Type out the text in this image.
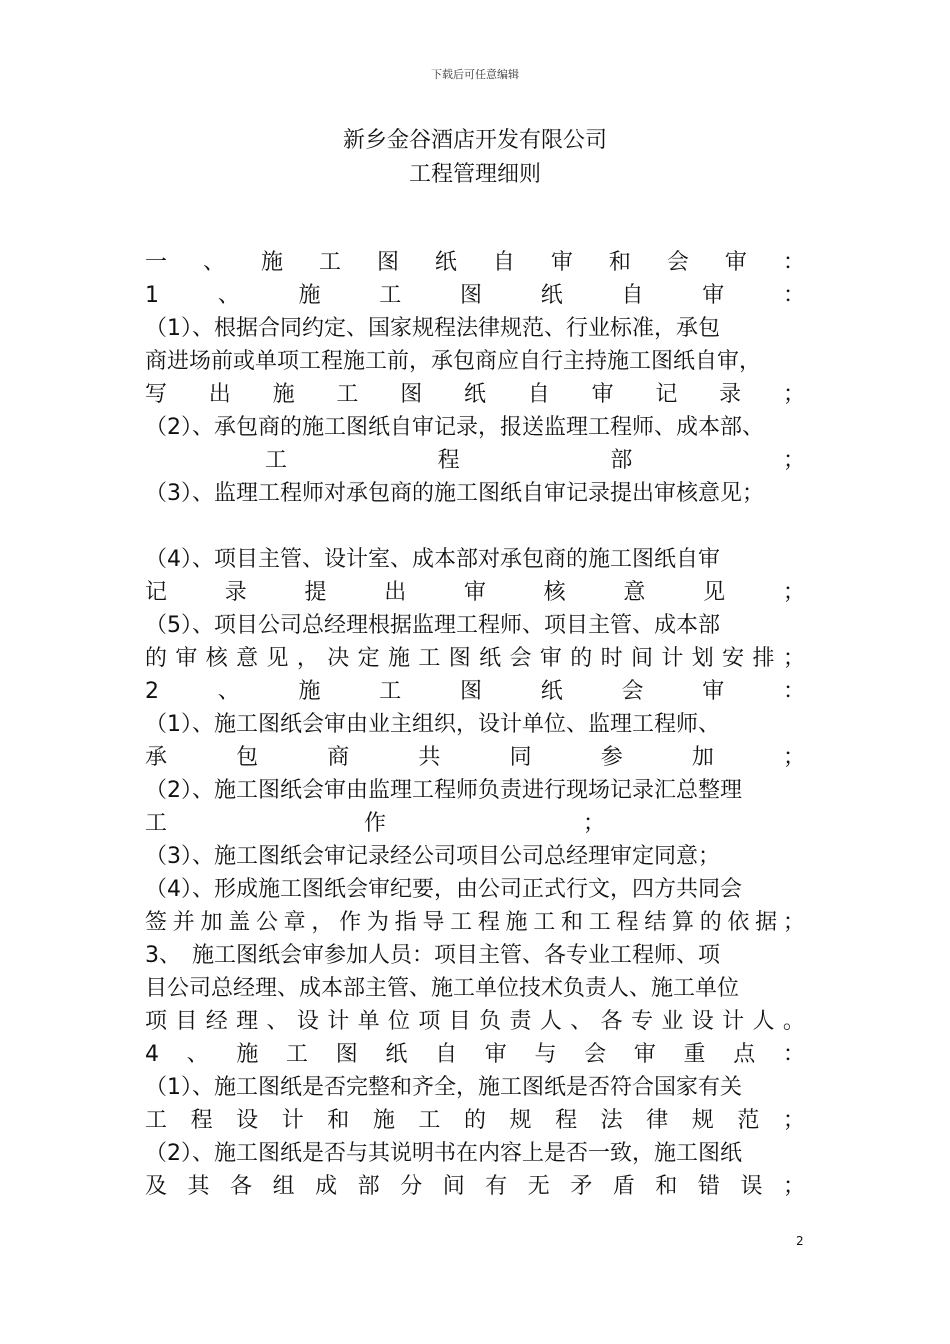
下载后可任意编辑
新乡金谷酒店开发有限公司
工程管理细则
一 、 施 工 图 纸 自 审 和 会 审 ：
1	、	施	工	图	纸	自	审	：
（1）、根据合同约定、国家规程法律规范、行业标准，承包
商进场前或单项工程施工前，承包商应自行主持施工图纸自审，
写 出 施 工 图 纸 自 审 记 录 ；
（2）、承包商的施工图纸自审记录，报送监理工程师、成本部、
工	程	部	；
（3）、监理工程师对承包商的施工图纸自审记录提出审核意见；
（4）、项目主管、设计室、成本部对承包商的施工图纸自审
记	录	提	出	审	核	意	见	；
（5）、项目公司总经理根据监理工程师、项目主管、成本部
的 审 核 意 见 ， 决 定 施 工 图 纸 会 审 的 时 间 计 划 安 排 ；
2	、	施	工	图	纸	会	审	：
（1）、施工图纸会审由业主组织，设计单位、监理工程师、
承	包	商	共	同	参	加	；
（2）、施工图纸会审由监理工程师负责进行现场记录汇总整理
工	作	；
（3）、施工图纸会审记录经公司项目公司总经理审定同意；
（4）、形成施工图纸会审纪要，由公司正式行文，四方共同会
签 并 加 盖 公 章 ， 作 为 指 导 工 程 施 工 和 工 程 结 算 的 依 据 ；
3、　施工图纸会审参加人员：项目主管、各专业工程师、项
目公司总经理、成本部主管、施工单位技术负责人、施工单位
项 目 经 理 、 设 计 单 位 项 目 负 责 人 、 各 专 业 设 计 人 。
4 、 施 工 图 纸 自 审 与 会 审 重 点 ：
（1）、施工图纸是否完整和齐全，施工图纸是否符合国家有关
工 程 设 计 和 施 工 的 规 程 法 律 规 范 ；
（2）、施工图纸是否与其说明书在内容上是否一致，施工图纸
及 其 各 组 成 部 分 间 有 无 矛 盾 和 错 误 ；
2
